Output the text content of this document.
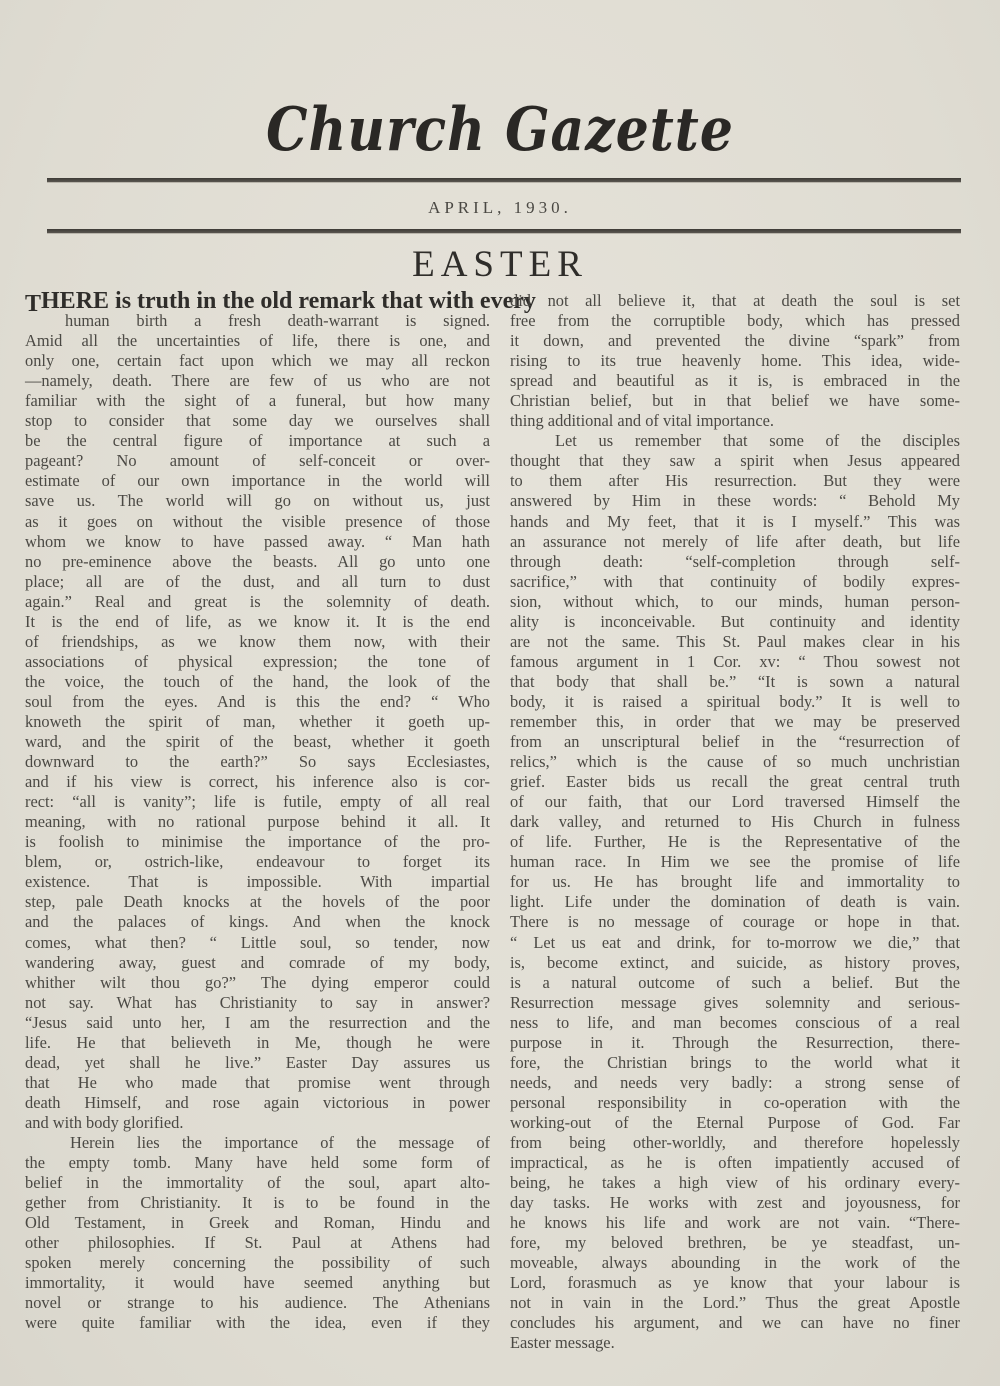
Church Gazette
APRIL, 1930.
EASTER
THERE is truth in the old remark that with every
human birth a fresh death-warrant is signed.
Amid all the uncertainties of life, there is one, and
only one, certain fact upon which we may all reckon
—namely, death. There are few of us who are not
familiar with the sight of a funeral, but how many
stop to consider that some day we ourselves shall
be the central figure of importance at such a
pageant? No amount of self-conceit or over-
estimate of our own importance in the world will
save us. The world will go on without us, just
as it goes on without the visible presence of those
whom we know to have passed away. “ Man hath
no pre-eminence above the beasts. All go unto one
place; all are of the dust, and all turn to dust
again.” Real and great is the solemnity of death.
It is the end of life, as we know it. It is the end
of friendships, as we know them now, with their
associations of physical expression; the tone of
the voice, the touch of the hand, the look of the
soul from the eyes. And is this the end? “ Who
knoweth the spirit of man, whether it goeth up-
ward, and the spirit of the beast, whether it goeth
downward to the earth?” So says Ecclesiastes,
and if his view is correct, his inference also is cor-
rect: “all is vanity”; life is futile, empty of all real
meaning, with no rational purpose behind it all. It
is foolish to minimise the importance of the pro-
blem, or, ostrich-like, endeavour to forget its
existence. That is impossible. With impartial
step, pale Death knocks at the hovels of the poor
and the palaces of kings. And when the knock
comes, what then? “ Little soul, so tender, now
wandering away, guest and comrade of my body,
whither wilt thou go?” The dying emperor could
not say. What has Christianity to say in answer?
“Jesus said unto her, I am the resurrection and the
life. He that believeth in Me, though he were
dead, yet shall he live.” Easter Day assures us
that He who made that promise went through
death Himself, and rose again victorious in power
and with body glorified.
Herein lies the importance of the message of
the empty tomb. Many have held some form of
belief in the immortality of the soul, apart alto-
gether from Christianity. It is to be found in the
Old Testament, in Greek and Roman, Hindu and
other philosophies. If St. Paul at Athens had
spoken merely concerning the possibility of such
immortality, it would have seemed anything but
novel or strange to his audience. The Athenians
were quite familiar with the idea, even if they
did not all believe it, that at death the soul is set
free from the corruptible body, which has pressed
it down, and prevented the divine “spark” from
rising to its true heavenly home. This idea, wide-
spread and beautiful as it is, is embraced in the
Christian belief, but in that belief we have some-
thing additional and of vital importance.
Let us remember that some of the disciples
thought that they saw a spirit when Jesus appeared
to them after His resurrection. But they were
answered by Him in these words: “ Behold My
hands and My feet, that it is I myself.” This was
an assurance not merely of life after death, but life
through death: “self-completion through self-
sacrifice,” with that continuity of bodily expres-
sion, without which, to our minds, human person-
ality is inconceivable. But continuity and identity
are not the same. This St. Paul makes clear in his
famous argument in 1 Cor. xv: “ Thou sowest not
that body that shall be.” “It is sown a natural
body, it is raised a spiritual body.” It is well to
remember this, in order that we may be preserved
from an unscriptural belief in the “resurrection of
relics,” which is the cause of so much unchristian
grief. Easter bids us recall the great central truth
of our faith, that our Lord traversed Himself the
dark valley, and returned to His Church in fulness
of life. Further, He is the Representative of the
human race. In Him we see the promise of life
for us. He has brought life and immortality to
light. Life under the domination of death is vain.
There is no message of courage or hope in that.
“ Let us eat and drink, for to-morrow we die,” that
is, become extinct, and suicide, as history proves,
is a natural outcome of such a belief. But the
Resurrection message gives solemnity and serious-
ness to life, and man becomes conscious of a real
purpose in it. Through the Resurrection, there-
fore, the Christian brings to the world what it
needs, and needs very badly: a strong sense of
personal responsibility in co-operation with the
working-out of the Eternal Purpose of God. Far
from being other-worldly, and therefore hopelessly
impractical, as he is often impatiently accused of
being, he takes a high view of his ordinary every-
day tasks. He works with zest and joyousness, for
he knows his life and work are not vain. “There-
fore, my beloved brethren, be ye steadfast, un-
moveable, always abounding in the work of the
Lord, forasmuch as ye know that your labour is
not in vain in the Lord.” Thus the great Apostle
concludes his argument, and we can have no finer
Easter message.
